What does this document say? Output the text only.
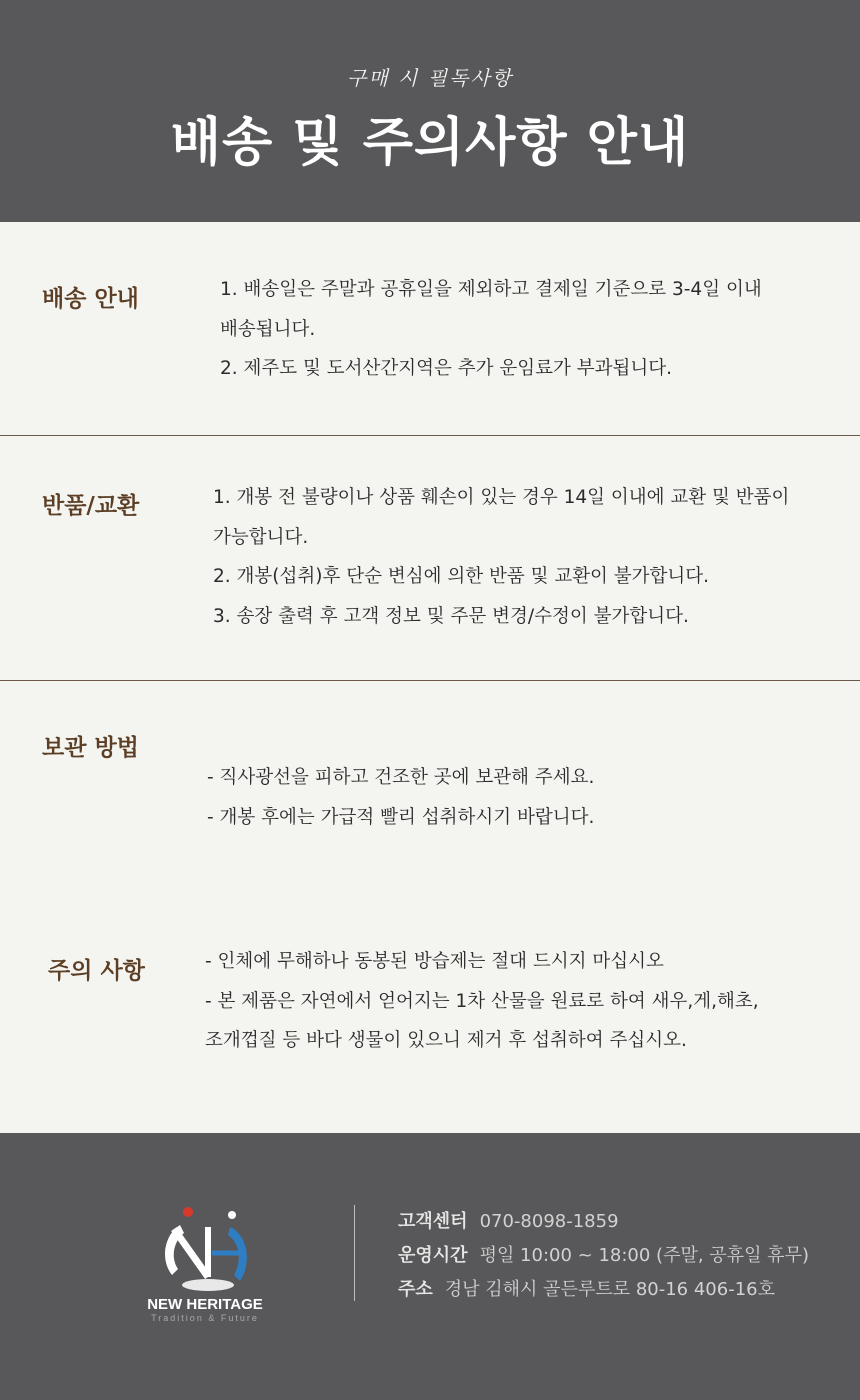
구매 시 필독사항
배송 및 주의사항 안내
배송 안내	1. 배송일은 주말과 공휴일을 제외하고 결제일 기준으로 3-4일 이내
배송됩니다.
2. 제주도 및 도서산간지역은 추가 운임료가 부과됩니다.
반품/교환	1. 개봉 전 불량이나 상품 훼손이 있는 경우 14일 이내에 교환 및 반품이
가능합니다.
2. 개봉(섭취)후 단순 변심에 의한 반품 및 교환이 불가합니다.
3. 송장 출력 후 고객 정보 및 주문 변경/수정이 불가합니다.
보관 방법
- 직사광선을 피하고 건조한 곳에 보관해 주세요.
- 개봉 후에는 가급적 빨리 섭취하시기 바랍니다.
주의 사항	- 인체에 무해하나 동봉된 방습제는 절대 드시지 마십시오
- 본 제품은 자연에서 얻어지는 1차 산물을 원료로 하여 새우,게,해초,
조개껍질 등 바다 생물이 있으니 제거 후 섭취하여 주십시오.
NEW HERITAGE
Tradition & Future
고객센터 070-8098-1859
운영시간 평일 10:00 ~ 18:00 (주말, 공휴일 휴무)
주소 경남 김해시 골든루트로 80-16 406-16호
